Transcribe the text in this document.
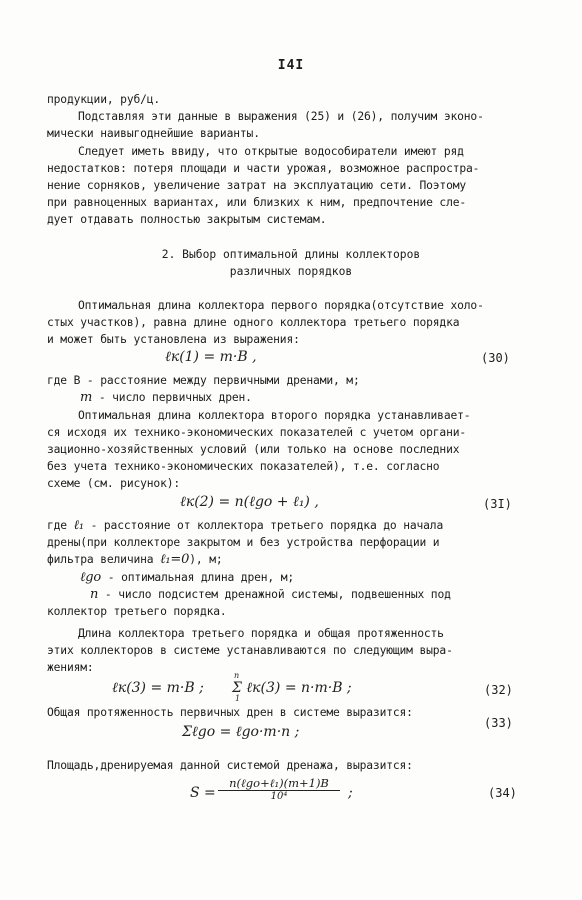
I4I
продукции, руб/ц.
Подставляя эти данные в выражения (25) и (26), получим эконо-
мически наивыгоднейшие варианты.
Следует иметь ввиду, что открытые водособиратели имеют ряд
недостатков: потеря площади и части урожая, возможное распростра-
нение сорняков, увеличение затрат на эксплуатацию сети. Поэтому
при равноценных вариантах, или близких к ним, предпочтение сле-
дует отдавать полностью закрытым системам.
2. Выбор оптимальной длины коллекторов
различных порядков
Оптимальная длина коллектора первого порядка(отсутствие холо-
стых участков), равна длине одного коллектора третьего порядка
и может быть установлена из выражения:
ℓк(1) = m·B ,	(30)
где В - расстояние между первичными дренами, м;
m - число первичных дрен.
Оптимальная длина коллектора второго порядка устанавливает-
ся исходя их технико-экономических показателей с учетом органи-
зационно-хозяйственных условий (или только на основе последних
без учета технико-экономических показателей), т.е. согласно
схеме (см. рисунок):
ℓк(2) = n(ℓgo + ℓ₁) ,	(3I)
где ℓ₁ - расстояние от коллектора третьего порядка до начала
дрены(при коллекторе закрытом и без устройства перфорации и
фильтра величина ℓ₁=0), м;
ℓgo - оптимальная длина дрен, м;
n - число подсистем дренажной системы, подвешенных под
коллектор третьего порядка.
Длина коллектора третьего порядка и общая протяженность
этих коллекторов в системе устанавливаются по следующим выра-
жениям:
ℓк(3) = m·B ; Σ ℓк(3) = n·m·B ;
n
1
(32)
Общая протяженность первичных дрен в системе выразится:
(33)
Σℓgo = ℓgo·m·n ;
Площадь,дренируемая данной системой дренажа, выразится:
S =
n(ℓgo+ℓ₁)(m+1)B
10⁴	;	(34)
